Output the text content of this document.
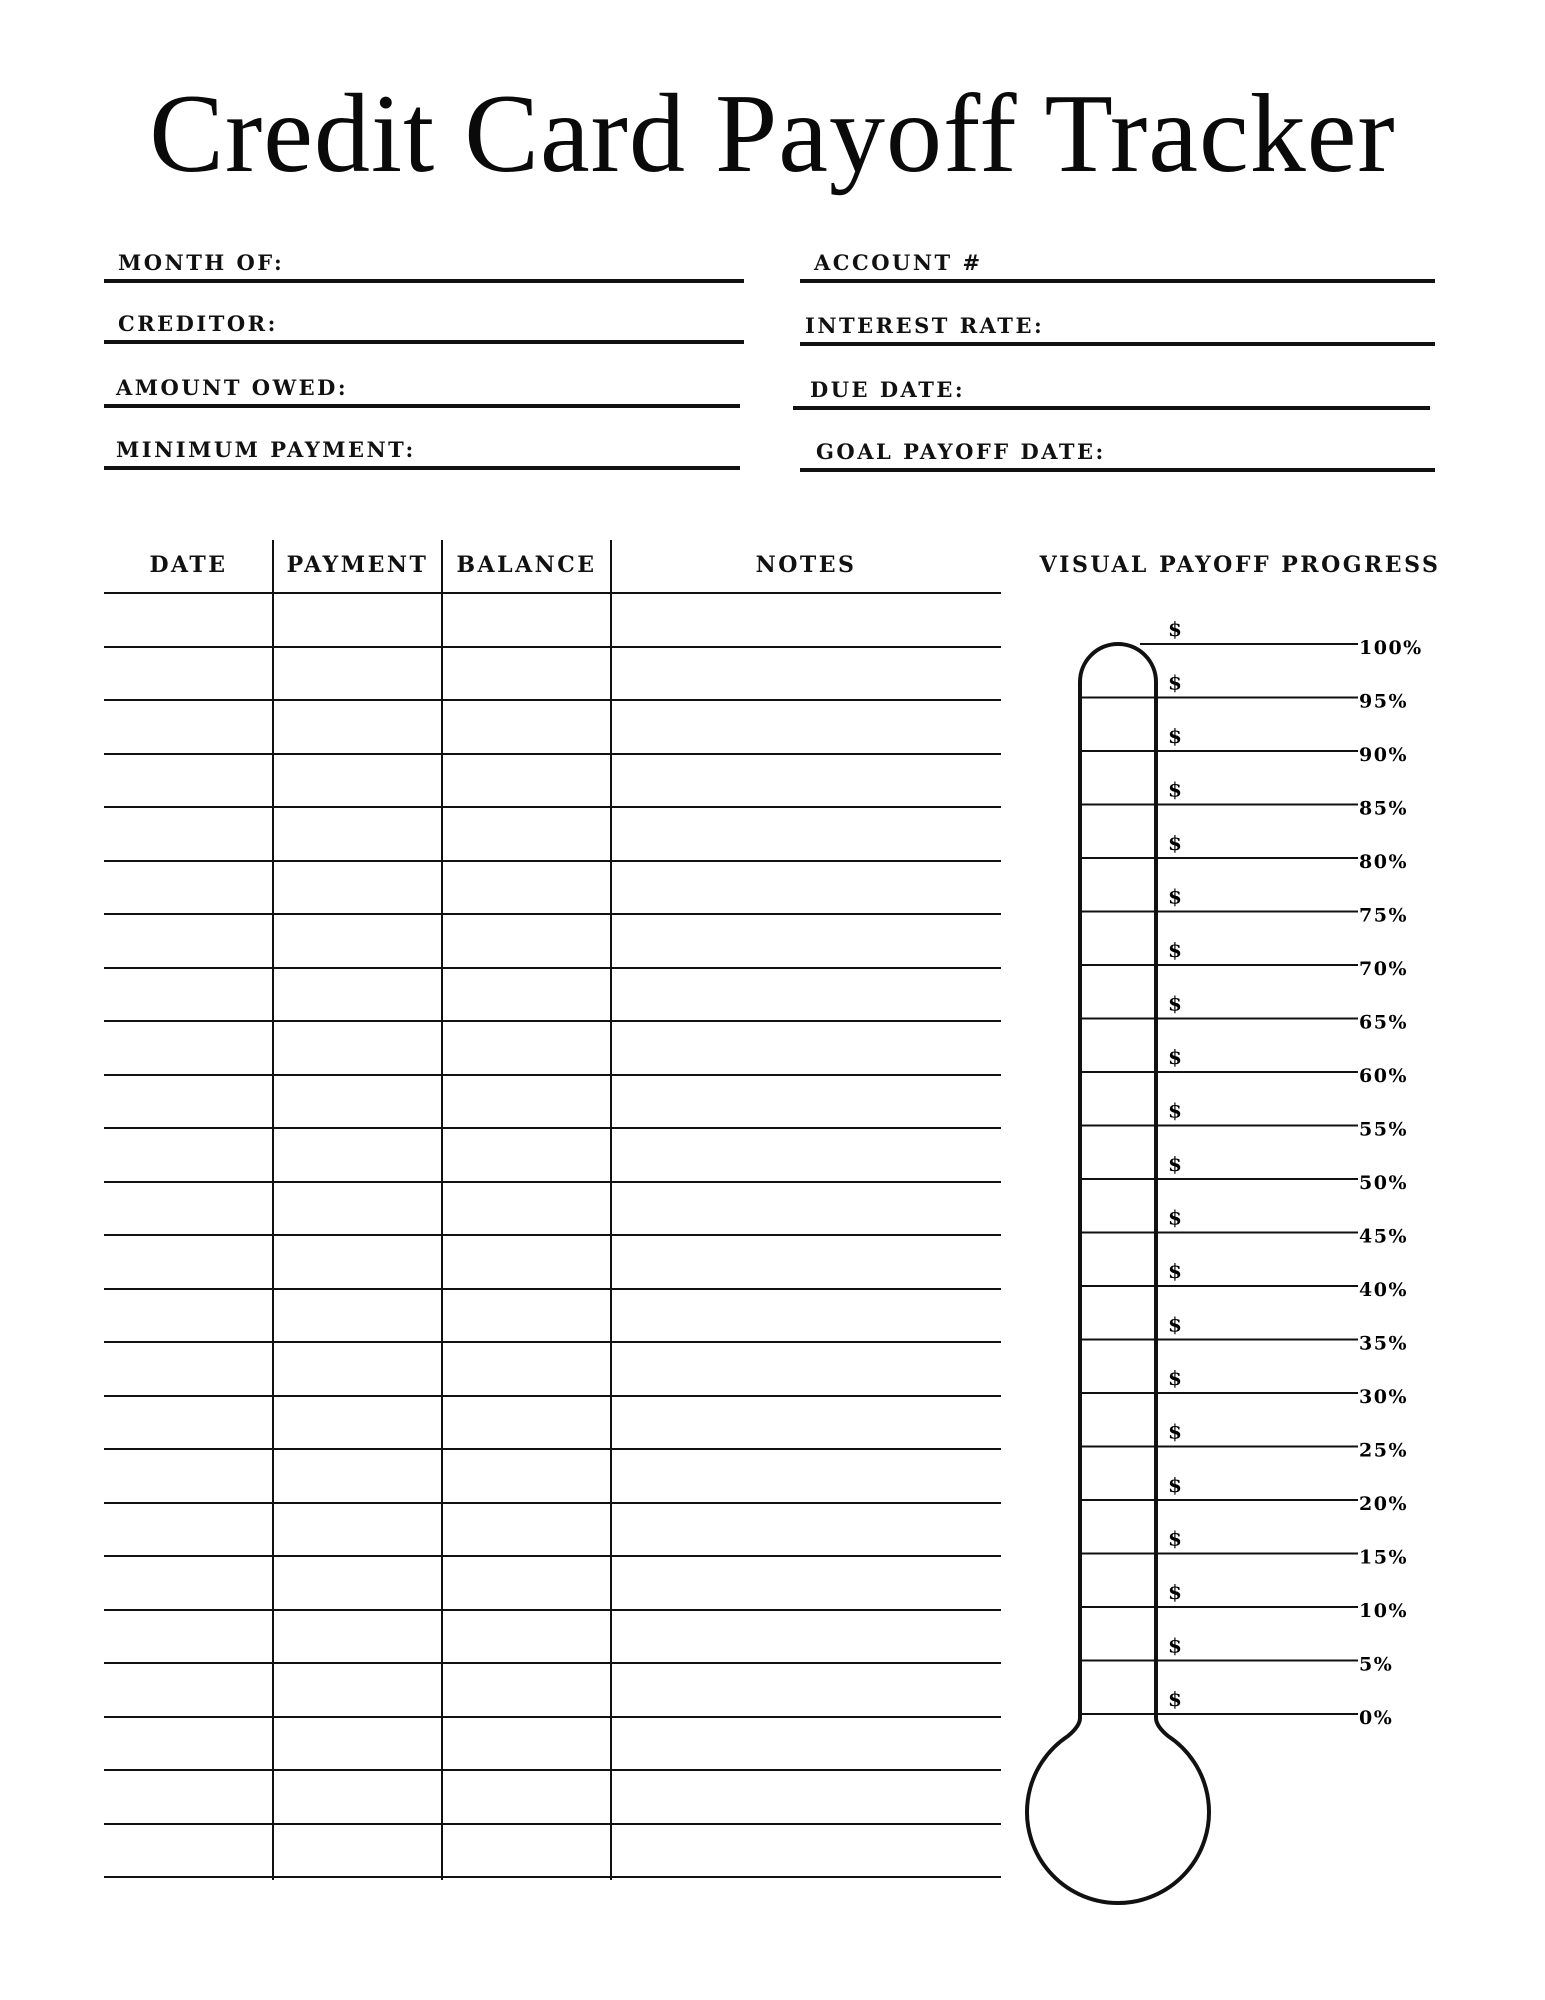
Credit Card Payoff Tracker
MONTH OF:	ACCOUNT #
CREDITOR:	INTEREST RATE:
AMOUNT OWED:	DUE DATE:
MINIMUM PAYMENT:	GOAL PAYOFF DATE:
DATE	PAYMENT	BALANCE	NOTES	VISUAL PAYOFF PROGRESS
$
100%
$
95%
$
90%
$
85%
$
80%
$
75%
$
70%
$
65%
$
60%
$
55%
$
50%
$
45%
$
40%
$
35%
$
30%
$
25%
$
20%
$
15%
$
10%
$
5%
$
0%
